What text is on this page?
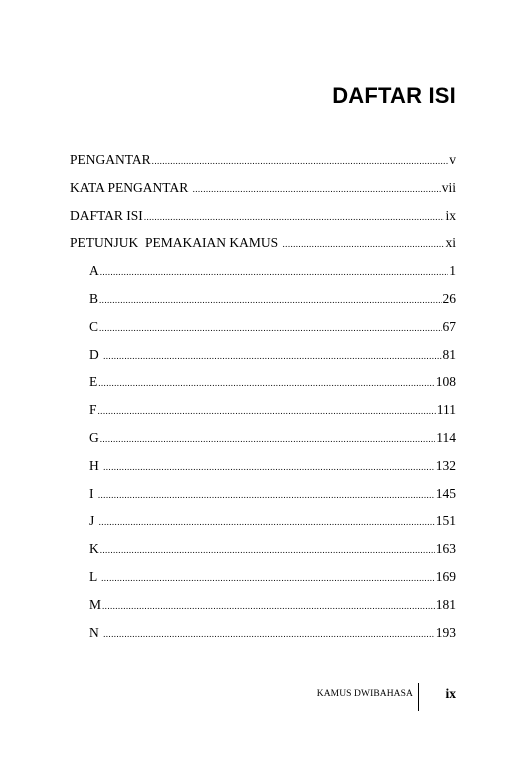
DAFTAR ISI
PENGANTAR .....	v
KATA PENGANTAR .....	vii
DAFTAR ISI .....	ix
PETUNJUK  PEMAKAIAN KAMUS .....	xi
A .....	1
B .....	26
C .....	67
D .....	81
E .....	108
F .....	111
G .....	114
H .....	132
I .....	145
J .....	151
K .....	163
L .....	169
M .....	181
N .....	193
KAMUS DWIBAHASA ix
